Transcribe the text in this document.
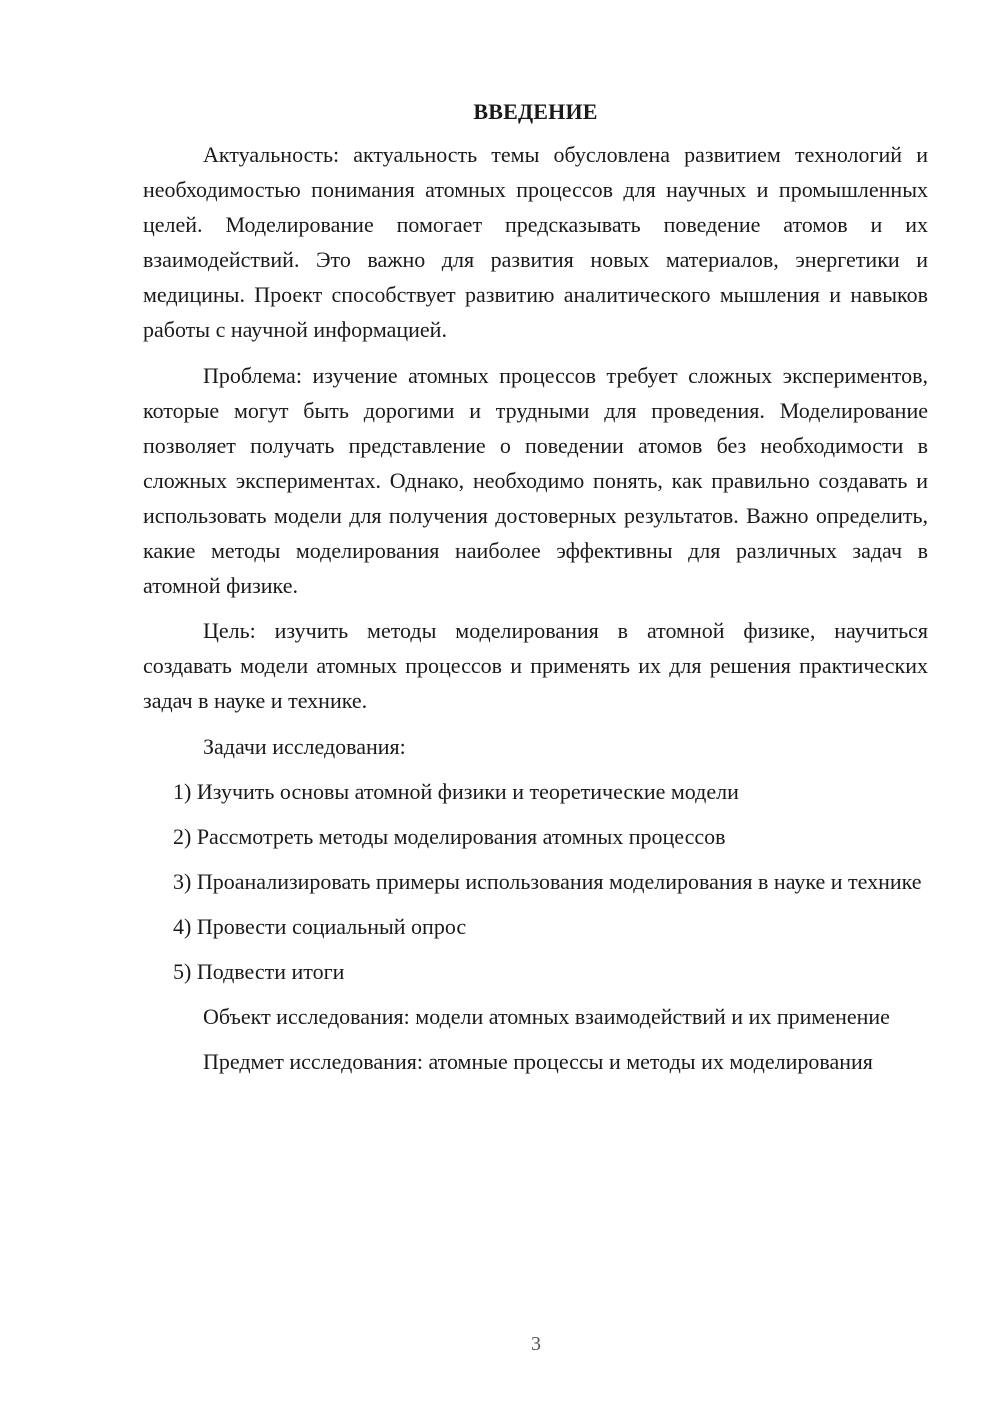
ВВЕДЕНИЕ

Актуальность: актуальность темы обусловлена развитием технологий и необходимостью понимания атомных процессов для научных и промышленных целей. Моделирование помогает предсказывать поведение атомов и их взаимодействий. Это важно для развития новых материалов, энергетики и медицины. Проект способствует развитию аналитического мышления и навыков работы с научной информацией.

Проблема: изучение атомных процессов требует сложных экспериментов, которые могут быть дорогими и трудными для проведения. Моделирование позволяет получать представление о поведении атомов без необходимости в сложных экспериментах. Однако, необходимо понять, как правильно создавать и использовать модели для получения достоверных результатов. Важно определить, какие методы моделирования наиболее эффективны для различных задач в атомной физике.

Цель: изучить методы моделирования в атомной физике, научиться создавать модели атомных процессов и применять их для решения практических задач в науке и технике.

Задачи исследования:

1) Изучить основы атомной физики и теоретические модели

2) Рассмотреть методы моделирования атомных процессов

3) Проанализировать примеры использования моделирования в науке и технике

4) Провести социальный опрос

5) Подвести итоги

Объект исследования: модели атомных взаимодействий и их применение

Предмет исследования: атомные процессы и методы их моделирования

3
